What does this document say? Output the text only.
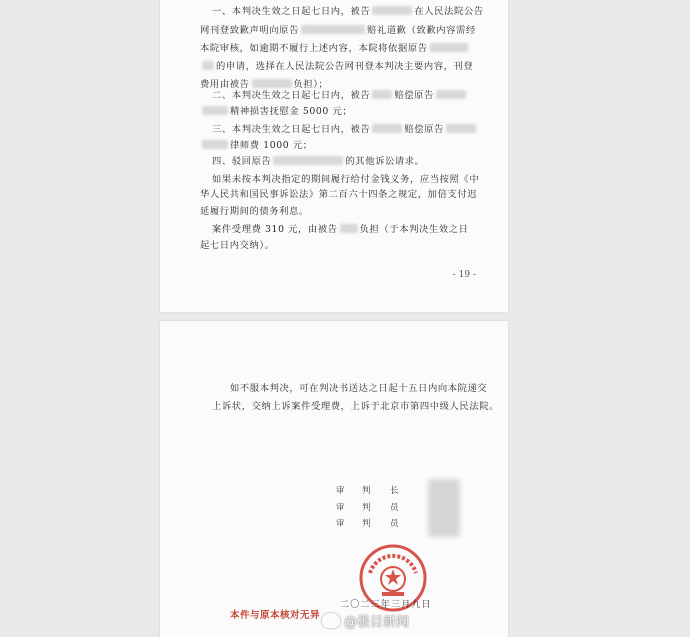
一、本判决生效之日起七日内，被告	在人民法院公告
网刊登致歉声明向原告	赔礼道歉（致歉内容需经
本院审核，如逾期不履行上述内容，本院将依据原告
的申请，选择在人民法院公告网刊登本判决主要内容，刊登
费用由被告	负担）；
二、本判决生效之日起七日内，被告	赔偿原告
精神损害抚慰金 5000 元；
三、本判决生效之日起七日内，被告	赔偿原告
律师费 1000 元；
四、驳回原告	的其他诉讼请求。
如果未按本判决指定的期间履行给付金钱义务，应当按照《中
华人民共和国民事诉讼法》第二百六十四条之规定，加倍支付迟
延履行期间的债务利息。
案件受理费 310 元，由被告 负担（于本判决生效之日
起七日内交纳）。
- 19 -
如不服本判决，可在判决书送达之日起十五日内向本院递交
上诉状，交纳上诉案件受理费，上诉于北京市第四中级人民法院。
审 判 长
审 判 员
审 判 员
二〇二三年三月九日
本件与原本核对无异 @极目新闻
